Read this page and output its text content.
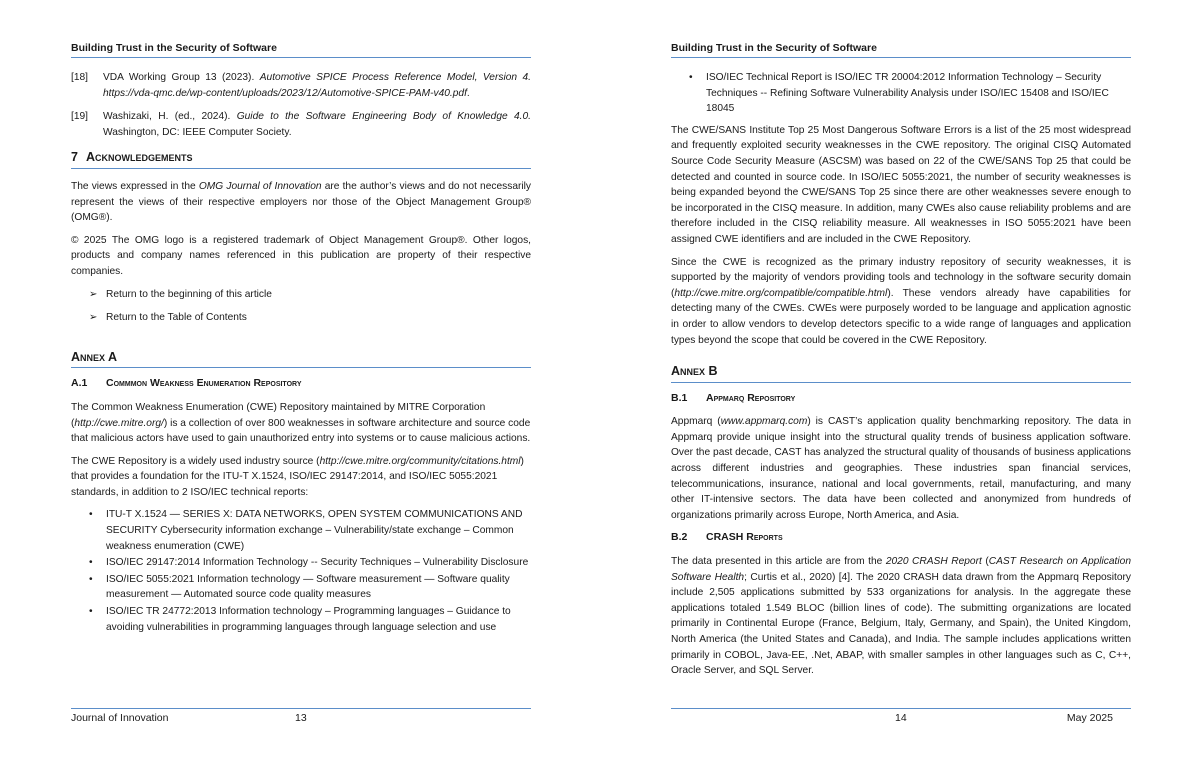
Building Trust in the Security of Software
[18]	VDA Working Group 13 (2023). Automotive SPICE Process Reference Model, Version 4. https://vda-qmc.de/wp-content/uploads/2023/12/Automotive-SPICE-PAM-v40.pdf.
[19]	Washizaki, H. (ed., 2024). Guide to the Software Engineering Body of Knowledge 4.0. Washington, DC: IEEE Computer Society.
7 Acknowledgements

The views expressed in the OMG Journal of Innovation are the author’s views and do not necessarily represent the views of their respective employers nor those of the Object Management Group® (OMG®).

© 2025 The OMG logo is a registered trademark of Object Management Group®. Other logos, products and company names referenced in this publication are property of their respective companies.

➢ Return to the beginning of this article
➢ Return to the Table of Contents
Annex A
A.1 Commmon Weakness Enumeration Repository

The Common Weakness Enumeration (CWE) Repository maintained by MITRE Corporation (http://cwe.mitre.org/) is a collection of over 800 weaknesses in software architecture and source code that malicious actors have used to gain unauthorized entry into systems or to cause malicious actions.

The CWE Repository is a widely used industry source (http://cwe.mitre.org/community/citations.html) that provides a foundation for the ITU-T X.1524, ISO/IEC 29147:2014, and ISO/IEC 5055:2021 standards, in addition to 2 ISO/IEC technical reports:

•	ITU-T X.1524 — SERIES X: DATA NETWORKS, OPEN SYSTEM COMMUNICATIONS AND SECURITY Cybersecurity information exchange – Vulnerability/state exchange – Common weakness enumeration (CWE)
•	ISO/IEC 29147:2014 Information Technology -- Security Techniques – Vulnerability Disclosure
•	ISO/IEC 5055:2021 Information technology — Software measurement — Software quality measurement — Automated source code quality measures
•	ISO/IEC TR 24772:2013 Information technology – Programming languages – Guidance to avoiding vulnerabilities in programming languages through language selection and use
Journal of Innovation	13
Building Trust in the Security of Software
•	ISO/IEC Technical Report is ISO/IEC TR 20004:2012 Information Technology – Security Techniques -- Refining Software Vulnerability Analysis under ISO/IEC 15408 and ISO/IEC 18045

The CWE/SANS Institute Top 25 Most Dangerous Software Errors is a list of the 25 most widespread and frequently exploited security weaknesses in the CWE repository. The original CISQ Automated Source Code Security Measure (ASCSM) was based on 22 of the CWE/SANS Top 25 that could be detected and counted in source code. In ISO/IEC 5055:2021, the number of security weaknesses is being expanded beyond the CWE/SANS Top 25 since there are other weaknesses severe enough to be incorporated in the CISQ measure. In addition, many CWEs also cause reliability problems and are therefore included in the CISQ reliability measure. All weaknesses in ISO 5055:2021 have been assigned CWE identifiers and are included in the CWE Repository.

Since the CWE is recognized as the primary industry repository of security weaknesses, it is supported by the majority of vendors providing tools and technology in the software security domain (http://cwe.mitre.org/compatible/compatible.html). These vendors already have capabilities for detecting many of the CWEs. CWEs were purposely worded to be language and application agnostic in order to allow vendors to develop detectors specific to a wide range of languages and application types beyond the scope that could be covered in the CWE Repository.

Annex B
B.1 Appmarq Repository

Appmarq (www.appmarq.com) is CAST’s application quality benchmarking repository. The data in Appmarq provide unique insight into the structural quality trends of business application software. Over the past decade, CAST has analyzed the structural quality of thousands of business applications across different industries and geographies. These industries span financial services, telecommunications, insurance, national and local governments, retail, manufacturing, and many other IT-intensive sectors. The data have been collected and anonymized from hundreds of organizations primarily across Europe, North America, and Asia.

B.2 CRASH Reports

The data presented in this article are from the 2020 CRASH Report (CAST Research on Application Software Health; Curtis et al., 2020) [4]. The 2020 CRASH data drawn from the Appmarq Repository include 2,505 applications submitted by 533 organizations for analysis. In the aggregate these applications totaled 1.549 BLOC (billion lines of code). The submitting organizations are located primarily in Continental Europe (France, Belgium, Italy, Germany, and Spain), the United Kingdom, North America (the United States and Canada), and India. The sample includes applications written primarily in COBOL, Java-EE, .Net, ABAP, with smaller samples in other languages such as C, C++, Oracle Server, and SQL Server.

14	May 2025
